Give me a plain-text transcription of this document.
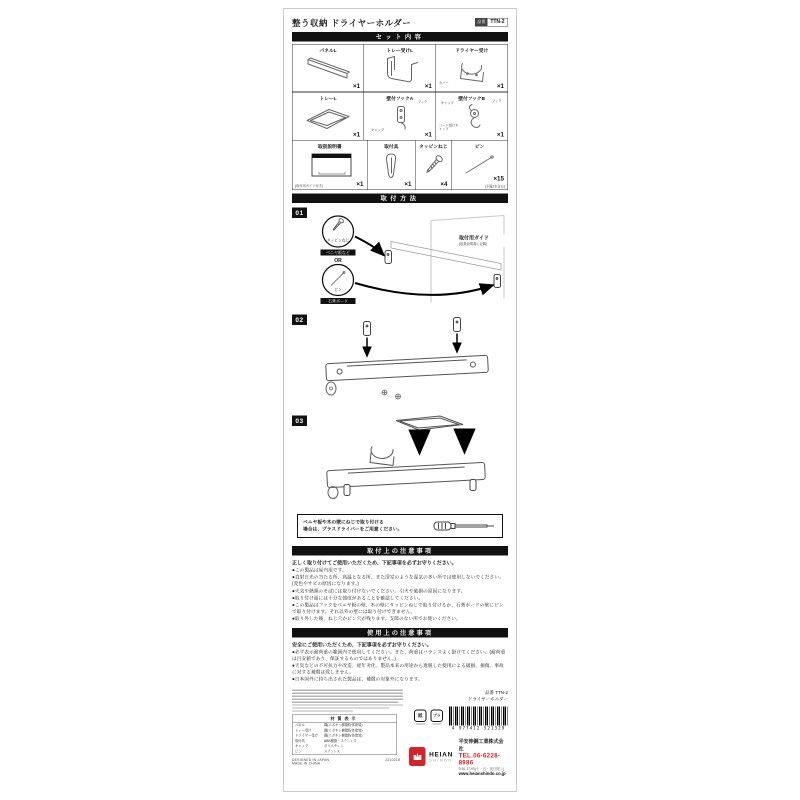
整う収納 ドライヤーホルダー	品番 TTN-2
セット内容
パネルL
×1
トレー受けL
×1
ドライヤー受け
カバー	×1
トレーL
×1
壁付フックA
フック
キャップ
×1
壁付フックB
キャップ
フック
コード掛けキャップ
×1
取扱説明書
(取付用ガイド付き)	×1
取付具
×1
タッピンねじ
×4
ピン
×15
(予備2本含む)
取付方法
01
タッピンねじ
ベニヤ板など
OR
ピン
石膏ボード
取付用ガイド
(取扱説明書に記載)
02
03
ベニヤ板や木の壁にねじで取り付ける
場合は、プラスドライバーをご用意ください。
取付上の注意事項
正しく取り付けてご使用いただくため、下記事項を必ずお守りください。

●この製品は屋内用です。

●直射日光の当たる所、高温となる所、また浴室のような湿気の多い所では使用しないでください。(変色やサビの原因になります。)

●火気や熱源のそばには取り付けないでください。引火や破損の原因になります。

●取り付け面には十分な強度があることを確認してください。

●この製品はフックをベニヤ板の壁、木の壁にタッピンねじで取り付けるか、石膏ボードの壁にピンで取り付けます。それ以外の壁には取り付けできません。

●取り外した後、ねじ穴かピン穴が残ります。支障のない所でお使いください。

使用上の注意事項
安全にご使用いただくため、下記事項を必ずお守りください。

●必ず表示耐荷重の範囲内で使用してください。また、荷重はバランスよく掛けてください。(耐荷重は目安値であり、保証するものではありません。)

●天災などの不可抗力や改造、経年劣化、製品本来の用途から逸脱した使用による破損、損傷、事故に対する補償は致しません。

●日本国外に持ち出された製品は、補償の対象外になります。

材質表示
パネル	鋼(エポキシ樹脂粉体塗装)
トレー受け	鋼(エポキシ樹脂粉体塗装)
ドライヤー受け 鋼(エポキシ樹脂粉体塗装)
取付具	ABS樹脂・ステンレス
キャップ	ポリエチレン
ピン	ステンレス
DESIGNED IN JAPAN	2210218
MADE IN CHINA
品番 TTN-2
ドライヤーホルダー
紙	プラ
4 977412 521329
HEIAN
SHINDO
平安伸銅工業株式会社
TEL.06-6228-8986
9:30-17:00(土・日・祝日除く)
www.heianshindo.co.jp
